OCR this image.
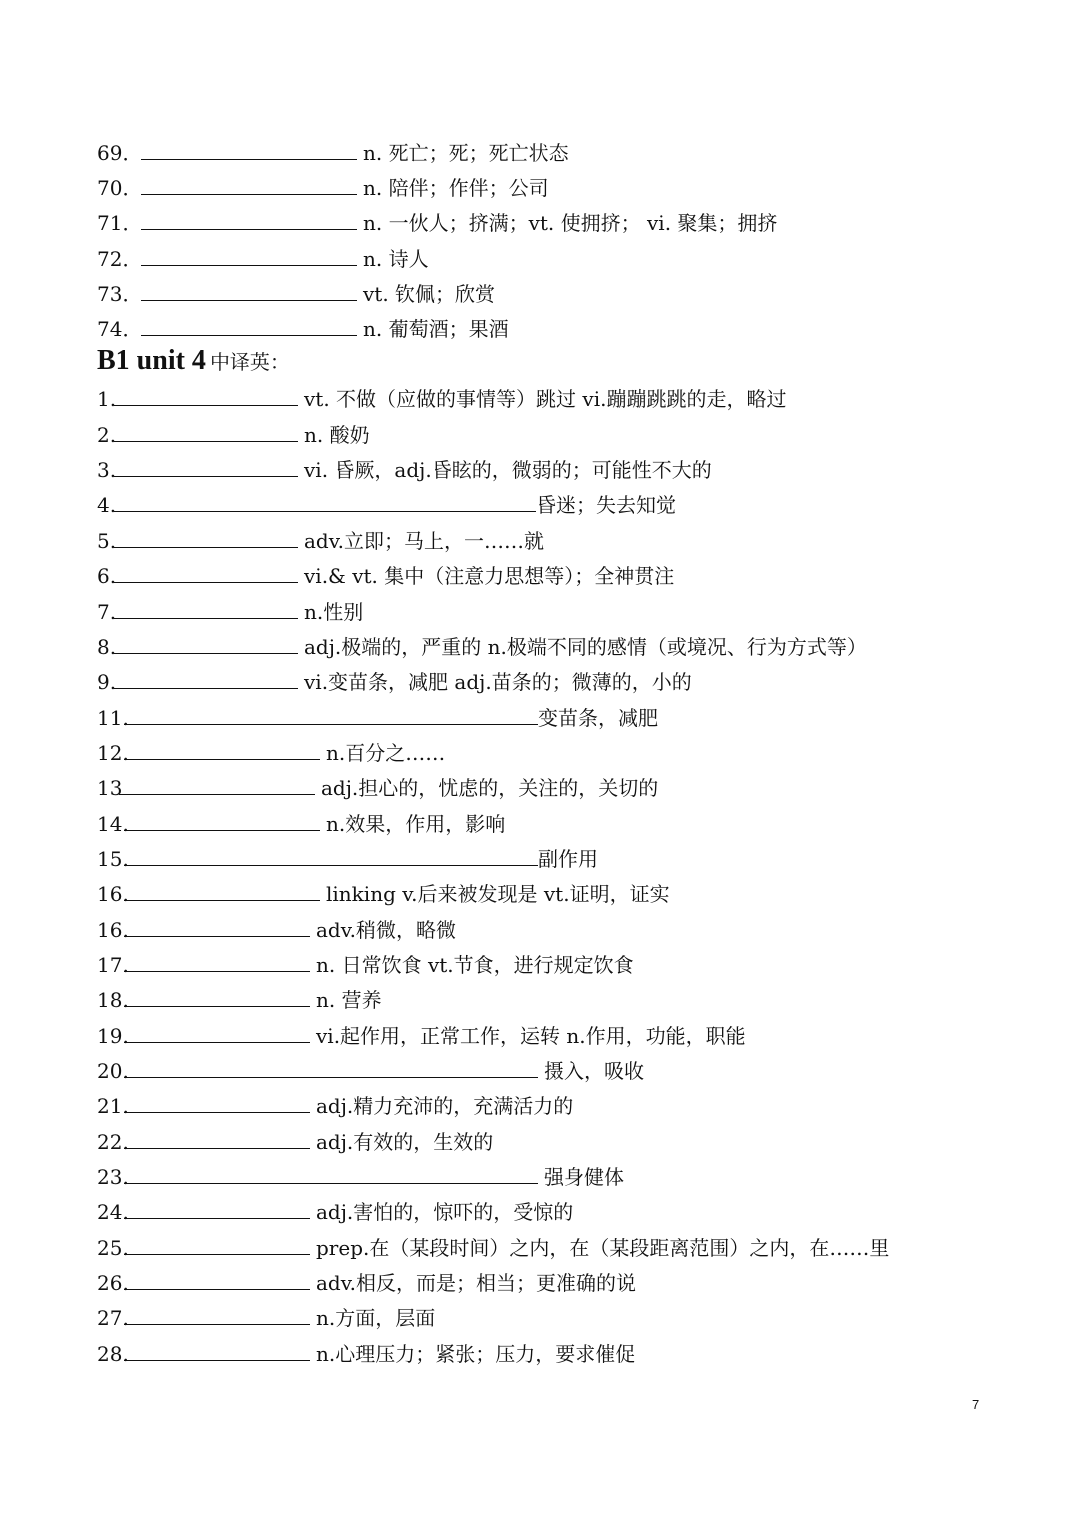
69．	n. 死亡；死；死亡状态
70．	n. 陪伴；作伴；公司
71．	n. 一伙人；挤满；vt. 使拥挤； vi. 聚集；拥挤
72．	n. 诗人
73．	vt. 钦佩；欣赏
74．	n. 葡萄酒；果酒
B1 unit 4 中译英：
1.	vt. 不做（应做的事情等）跳过 vi.蹦蹦跳跳的走，略过
2.	n. 酸奶
3.	vi. 昏厥，adj.昏眩的，微弱的；可能性不大的
4.	昏迷；失去知觉
5.	adv.立即；马上，一……就
6.	vi.& vt. 集中（注意力思想等）；全神贯注
7.	n.性别
8.	adj.极端的，严重的 n.极端不同的感情（或境况、行为方式等）
9.	vi.变苗条，减肥 adj.苗条的；微薄的，小的
11.	变苗条，减肥
12.	n.百分之……
13	adj.担心的，忧虑的，关注的，关切的
14.	n.效果，作用，影响
15.	副作用
16.	linking v.后来被发现是 vt.证明，证实
16.	adv.稍微，略微
17.	n. 日常饮食 vt.节食，进行规定饮食
18.	n. 营养
19.	vi.起作用，正常工作，运转 n.作用，功能，职能
20.	摄入，吸收
21.	adj.精力充沛的，充满活力的
22.	adj.有效的，生效的
23.	强身健体
24.	adj.害怕的，惊吓的，受惊的
25.	prep.在（某段时间）之内，在（某段距离范围）之内，在……里
26.	adv.相反，而是；相当；更准确的说
27.	n.方面，层面
28.	n.心理压力；紧张；压力，要求催促
7
